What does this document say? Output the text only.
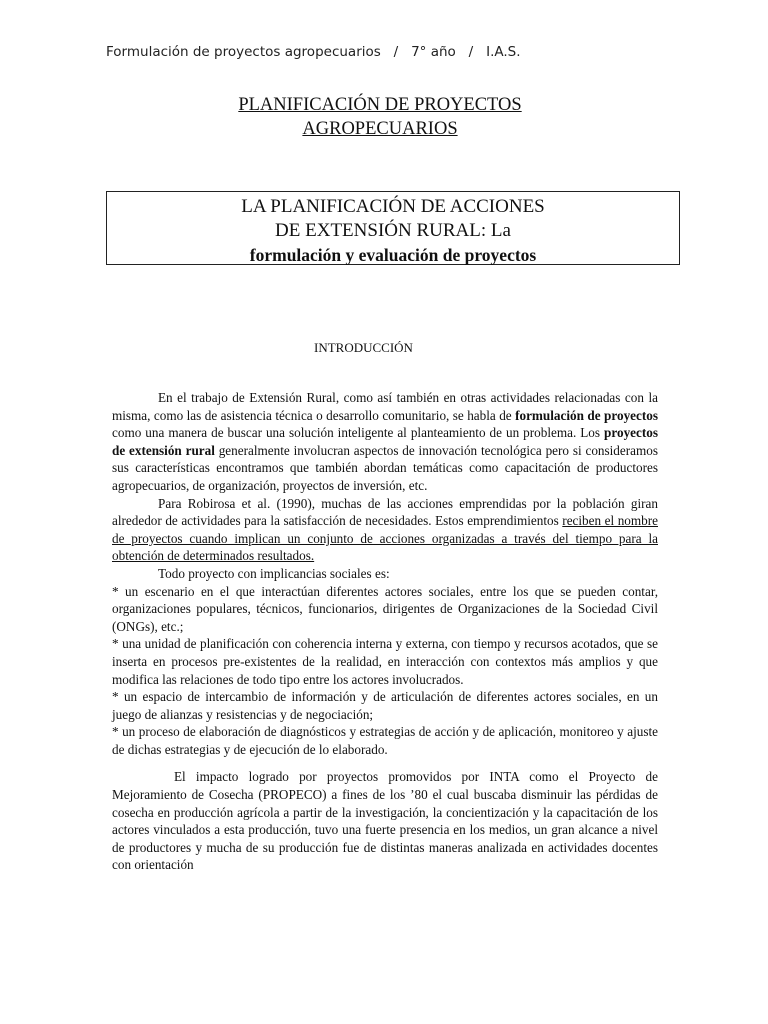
Formulación de proyectos agropecuarios   /   7° año   /   I.A.S.
PLANIFICACIÓN DE PROYECTOS
AGROPECUARIOS
LA PLANIFICACIÓN DE ACCIONES
DE EXTENSIÓN RURAL: La
formulación y evaluación de proyectos
INTRODUCCIÓN

En el trabajo de Extensión Rural, como así también en otras actividades relacionadas con la misma, como las de asistencia técnica o desarrollo comunitario, se habla de formulación de proyectos como una manera de buscar una solución inteligente al planteamiento de un problema. Los proyectos de extensión rural generalmente involucran aspectos de innovación tecnológica pero si consideramos sus características encontramos que también abordan temáticas como capacitación de productores agropecuarios, de organización, proyectos de inversión, etc.

Para Robirosa et al. (1990), muchas de las acciones emprendidas por la población giran alrededor de actividades para la satisfacción de necesidades. Estos emprendimientos reciben el nombre de proyectos cuando implican un conjunto de acciones organizadas a través del tiempo para la obtención de determinados resultados.

Todo proyecto con implicancias sociales es:

* un escenario en el que interactúan diferentes actores sociales, entre los que se pueden contar, organizaciones populares, técnicos, funcionarios, dirigentes de Organizaciones de la Sociedad Civil (ONGs), etc.;

* una unidad de planificación con coherencia interna y externa, con tiempo y recursos acotados, que se inserta en procesos pre-existentes de la realidad, en interacción con contextos más amplios y que modifica las relaciones de todo tipo entre los actores involucrados.

* un espacio de intercambio de información y de articulación de diferentes actores sociales, en un juego de alianzas y resistencias y de negociación;

* un proceso de elaboración de diagnósticos y estrategias de acción y de aplicación, monitoreo y ajuste de dichas estrategias y de ejecución de lo elaborado.

El impacto logrado por proyectos promovidos por INTA como el Proyecto de Mejoramiento de Cosecha (PROPECO) a fines de los ’80 el cual buscaba disminuir las pérdidas de cosecha en producción agrícola a partir de la investigación, la concientización y la capacitación de los actores vinculados a esta producción, tuvo una fuerte presencia en los medios, un gran alcance a nivel de productores y mucha de su producción fue de distintas maneras analizada en actividades docentes con orientación
